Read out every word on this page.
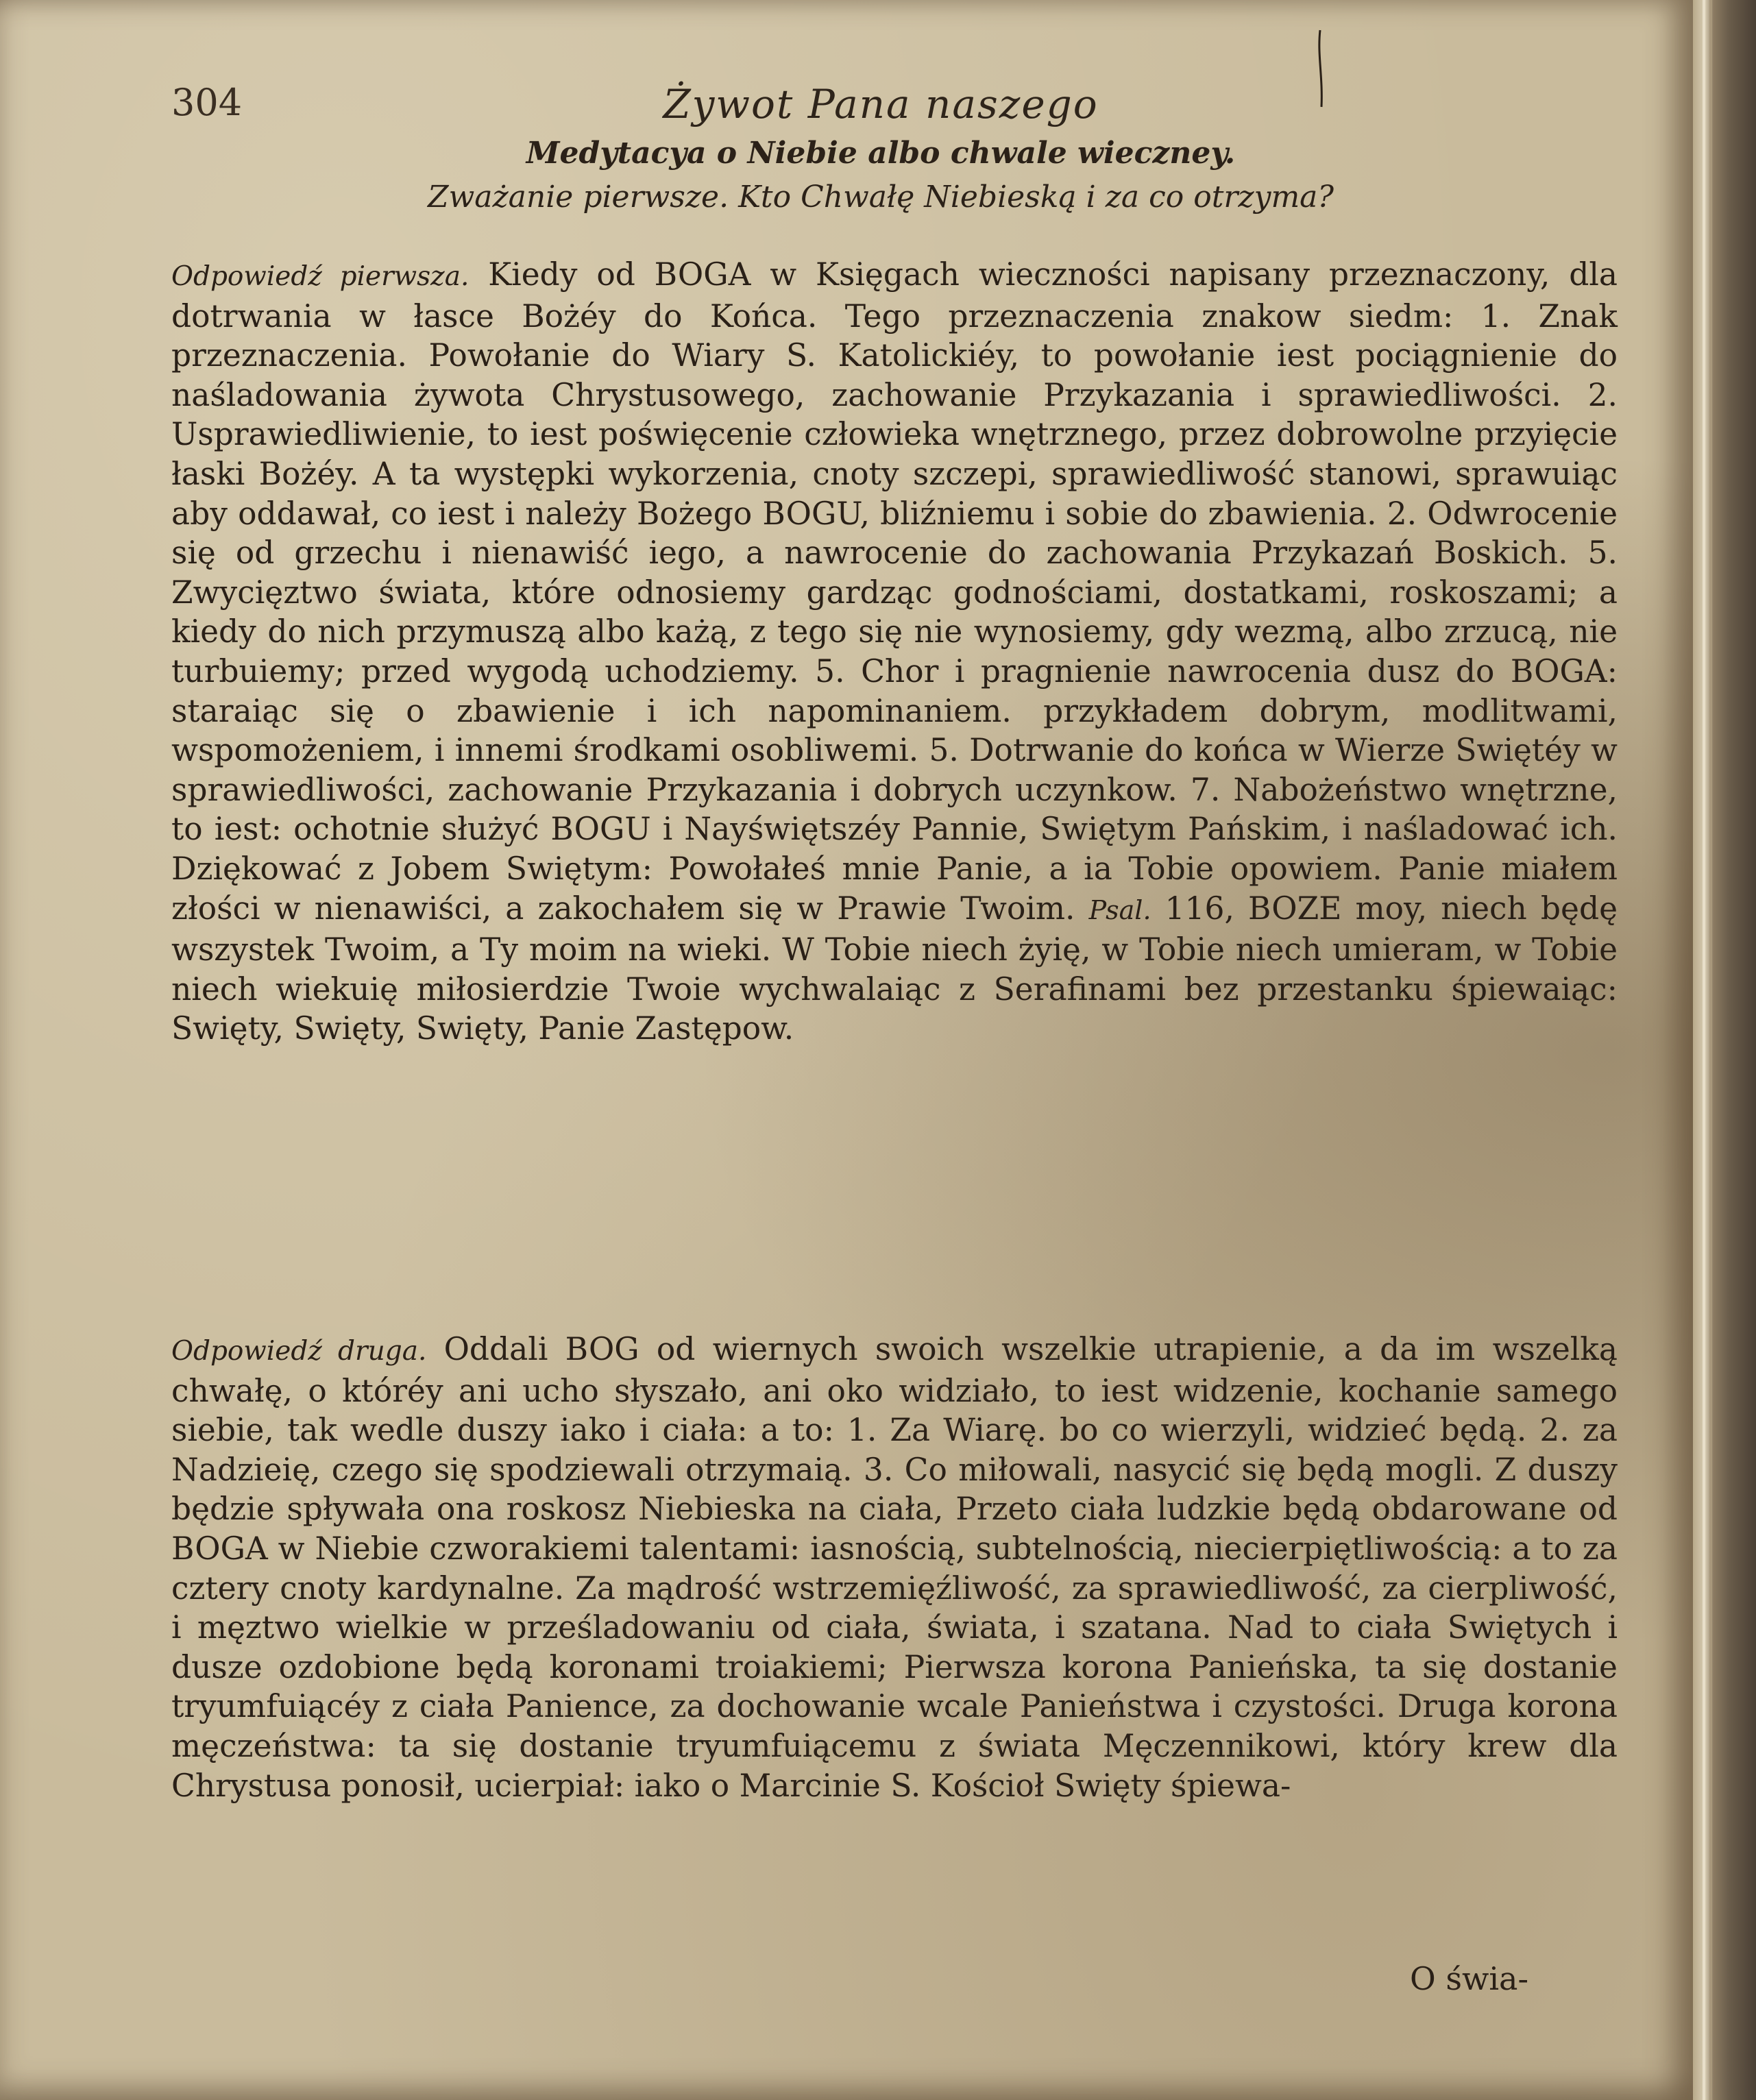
304	Żywot Pana naszego
Medytacya o Niebie albo chwale wieczney.
Zważanie pierwsze. Kto Chwałę Niebieską i za co otrzyma?

Odpowiedź pierwsza. Kiedy od BOGA w Księgach wieczności napisany przeznaczony, dla dotrwania w łasce Bożéy do Końca. Tego przeznaczenia znakow siedm: 1. Znak przeznaczenia. Powołanie do Wiary S. Katolickiéy, to powołanie iest pociągnienie do naśladowania żywota Chrystusowego, zachowanie Przykazania i sprawiedliwości. 2. Usprawiedliwienie, to iest poświęcenie człowieka wnętrznego, przez dobrowolne przyięcie łaski Bożéy. A ta występki wykorzenia, cnoty szczepi, sprawiedliwość stanowi, sprawuiąc aby oddawał, co iest i należy Bożego BOGU, bliźniemu i sobie do zbawienia. 2. Odwrocenie się od grzechu i nienawiść iego, a nawrocenie do zachowania Przykazań Boskich. 5. Zwycięztwo świata, które odnosiemy gardząc godnościami, dostatkami, roskoszami; a kiedy do nich przymuszą albo każą, z tego się nie wynosiemy, gdy wezmą, albo zrzucą, nie turbuiemy; przed wygodą uchodziemy. 5. Chor i pragnienie nawrocenia dusz do BOGA: staraiąc się o zbawienie i ich napominaniem. przykładem dobrym, modlitwami, wspomożeniem, i innemi środkami osobliwemi. 5. Dotrwanie do końca w Wierze Swiętéy w sprawiedliwości, zachowanie Przykazania i dobrych uczynkow. 7. Nabożeństwo wnętrzne, to iest: ochotnie służyć BOGU i Nayświętszéy Pannie, Swiętym Pańskim, i naśladować ich. Dziękować z Jobem Swiętym: Powołałeś mnie Panie, a ia Tobie opowiem. Panie miałem złości w nienawiści, a zakochałem się w Prawie Twoim. Psal. 116, BOZE moy, niech będę wszystek Twoim, a Ty moim na wieki. W Tobie niech żyię, w Tobie niech umieram, w Tobie niech wiekuię miłosierdzie Twoie wychwalaiąc z Serafinami bez przestanku śpiewaiąc: Swięty, Swięty, Swięty, Panie Zastępow.

Odpowiedź druga. Oddali BOG od wiernych swoich wszelkie utrapienie, a da im wszelką chwałę, o któréy ani ucho słyszało, ani oko widziało, to iest widzenie, kochanie samego siebie, tak wedle duszy iako i ciała: a to: 1. Za Wiarę. bo co wierzyli, widzieć będą. 2. za Nadzieię, czego się spodziewali otrzymaią. 3. Co miłowali, nasycić się będą mogli. Z duszy będzie spływała ona roskosz Niebieska na ciała, Przeto ciała ludzkie będą obdarowane od BOGA w Niebie czworakiemi talentami: iasnością, subtelnością, niecierpiętliwością: a to za cztery cnoty kardynalne. Za mądrość wstrzemięźliwość, za sprawiedliwość, za cierpliwość, i męztwo wielkie w prześladowaniu od ciała, świata, i szatana. Nad to ciała Swiętych i dusze ozdobione będą koronami troiakiemi; Pierwsza korona Panieńska, ta się dostanie tryumfuiącéy z ciała Panience, za dochowanie wcale Panieństwa i czystości. Druga korona męczeństwa: ta się dostanie tryumfuiącemu z świata Męczennikowi, który krew dla Chrystusa ponosił, ucierpiał: iako o Marcinie S. Kościoł Swięty śpiewa-

O świa-
